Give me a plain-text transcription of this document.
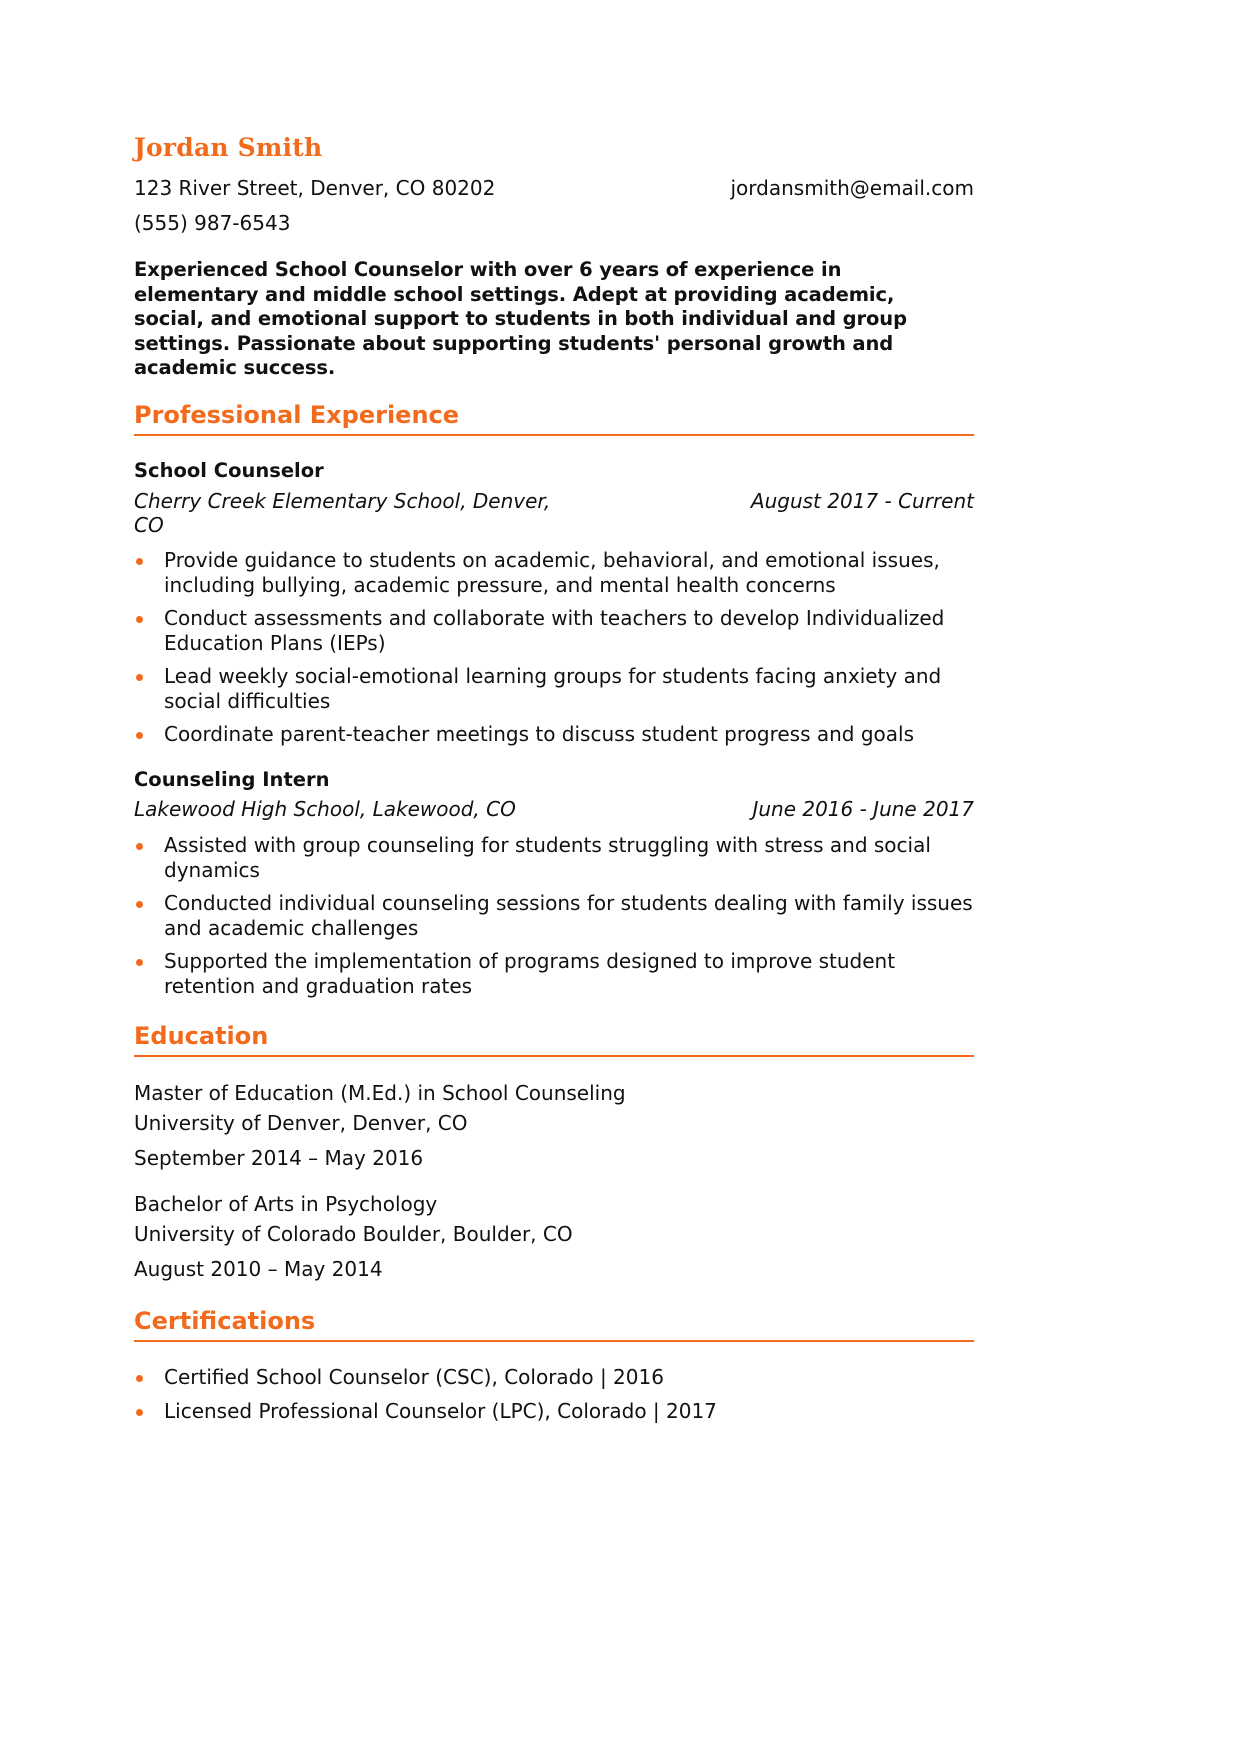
Jordan Smith
123 River Street, Denver, CO 80202	jordansmith@email.com
(555) 987-6543
Experienced School Counselor with over 6 years of experience in elementary and middle school settings. Adept at providing academic, social, and emotional support to students in both individual and group settings. Passionate about supporting students' personal growth and academic success.
Professional Experience
School Counselor
Cherry Creek Elementary School, Denver,
CO
August 2017 - Current
Provide guidance to students on academic, behavioral, and emotional issues, including bullying, academic pressure, and mental health concerns
Conduct assessments and collaborate with teachers to develop Individualized Education Plans (IEPs)
Lead weekly social-emotional learning groups for students facing anxiety and social difficulties
Coordinate parent-teacher meetings to discuss student progress and goals
Counseling Intern
Lakewood High School, Lakewood, CO	June 2016 - June 2017
Assisted with group counseling for students struggling with stress and social dynamics
Conducted individual counseling sessions for students dealing with family issues and academic challenges
Supported the implementation of programs designed to improve student retention and graduation rates
Education
Master of Education (M.Ed.) in School Counseling
University of Denver, Denver, CO
September 2014 – May 2016
Bachelor of Arts in Psychology
University of Colorado Boulder, Boulder, CO
August 2010 – May 2014
Certifications
Certified School Counselor (CSC), Colorado | 2016
Licensed Professional Counselor (LPC), Colorado | 2017
